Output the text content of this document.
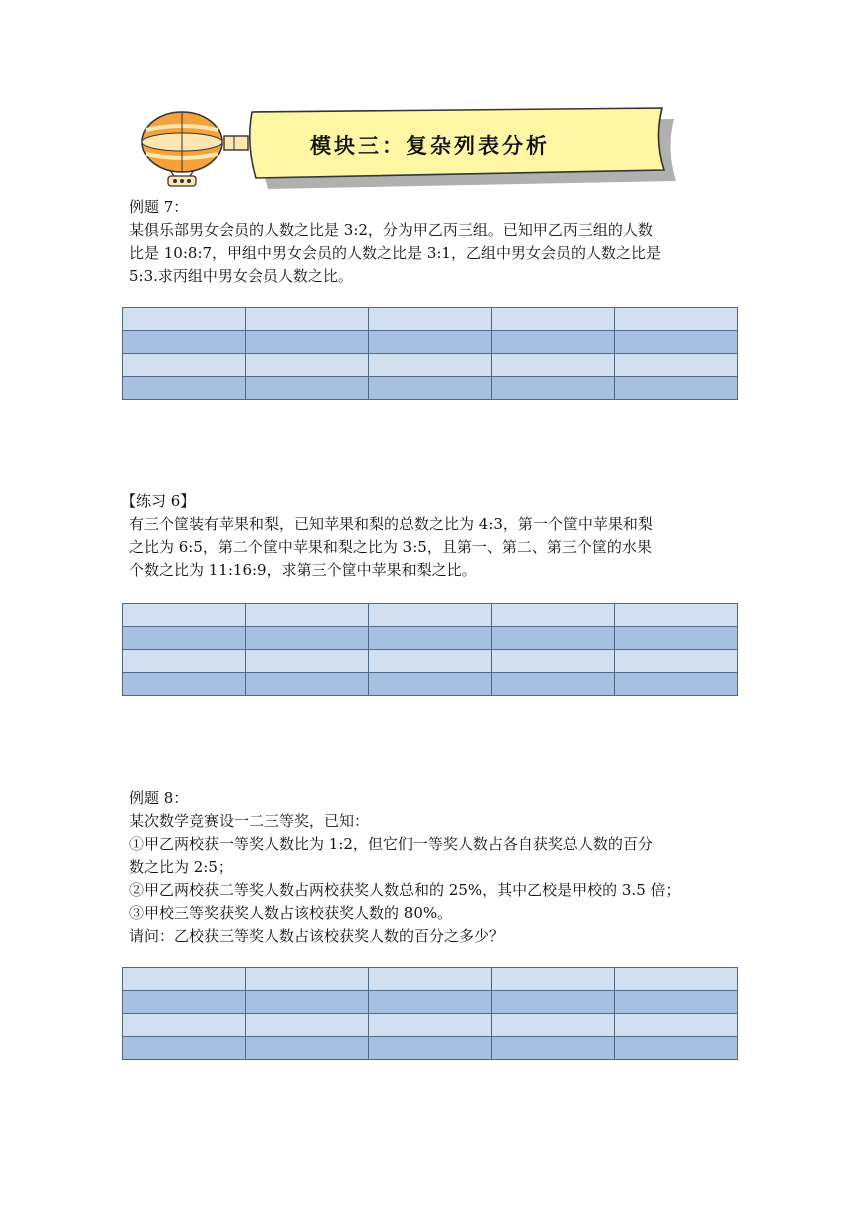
模块三：复杂列表分析
例题 7：
某俱乐部男女会员的人数之比是 3:2，分为甲乙丙三组。已知甲乙丙三组的人数
比是 10:8:7，甲组中男女会员的人数之比是 3:1，乙组中男女会员的人数之比是
5:3.求丙组中男女会员人数之比。

【练习 6】
有三个筐装有苹果和梨，已知苹果和梨的总数之比为 4:3，第一个筐中苹果和梨
之比为 6:5，第二个筐中苹果和梨之比为 3:5，且第一、第二、第三个筐的水果
个数之比为 11:16:9，求第三个筐中苹果和梨之比。

例题 8：
某次数学竞赛设一二三等奖，已知：
①甲乙两校获一等奖人数比为 1:2，但它们一等奖人数占各自获奖总人数的百分
数之比为 2:5；
②甲乙两校获二等奖人数占两校获奖人数总和的 25%，其中乙校是甲校的 3.5 倍；
③甲校三等奖获奖人数占该校获奖人数的 80%。
请问：乙校获三等奖人数占该校获奖人数的百分之多少？
